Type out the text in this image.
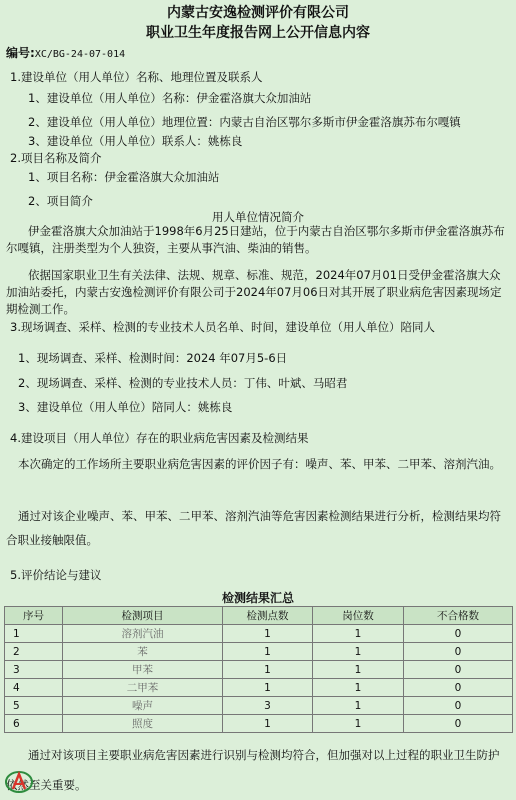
内蒙古安逸检测评价有限公司
职业卫生年度报告网上公开信息内容
编号:XC/BG-24-07-014
1.建设单位（用人单位）名称、地理位置及联系人
1、建设单位（用人单位）名称：伊金霍洛旗大众加油站
2、建设单位（用人单位）地理位置：内蒙古自治区鄂尔多斯市伊金霍洛旗苏布尔嘎镇
3、建设单位（用人单位）联系人：姚栋良
2.项目名称及简介
1、项目名称：伊金霍洛旗大众加油站
2、项目简介
用人单位情况简介
伊金霍洛旗大众加油站于1998年6月25日建站，位于内蒙古自治区鄂尔多斯市伊金霍洛旗苏布尔嘎镇，注册类型为个人独资，主要从事汽油、柴油的销售。
依据国家职业卫生有关法律、法规、规章、标准、规范，2024年07月01日受伊金霍洛旗大众加油站委托，内蒙古安逸检测评价有限公司于2024年07月06日对其开展了职业病危害因素现场定期检测工作。
3.现场调查、采样、检测的专业技术人员名单、时间，建设单位（用人单位）陪同人
1、现场调查、采样、检测时间：2024 年07月5-6日
2、现场调查、采样、检测的专业技术人员：丁伟、叶斌、马昭君
3、建设单位（用人单位）陪同人：姚栋良
4.建设项目（用人单位）存在的职业病危害因素及检测结果
本次确定的工作场所主要职业病危害因素的评价因子有：噪声、苯、甲苯、二甲苯、溶剂汽油。
通过对该企业噪声、苯、甲苯、二甲苯、溶剂汽油等危害因素检测结果进行分析，检测结果均符合职业接触限值。
5.评价结论与建议
检测结果汇总
序号	检测项目	检测点数	岗位数	不合格数
1	溶剂汽油	1	1	0
2	苯	1	1	0
3	甲苯	1	1	0
4	二甲苯	1	1	0
5	噪声	3	1	0
6	照度	1	1	0
通过对该项目主要职业病危害因素进行识别与检测均符合，但加强对以上过程的职业卫生防护依然至关重要。
